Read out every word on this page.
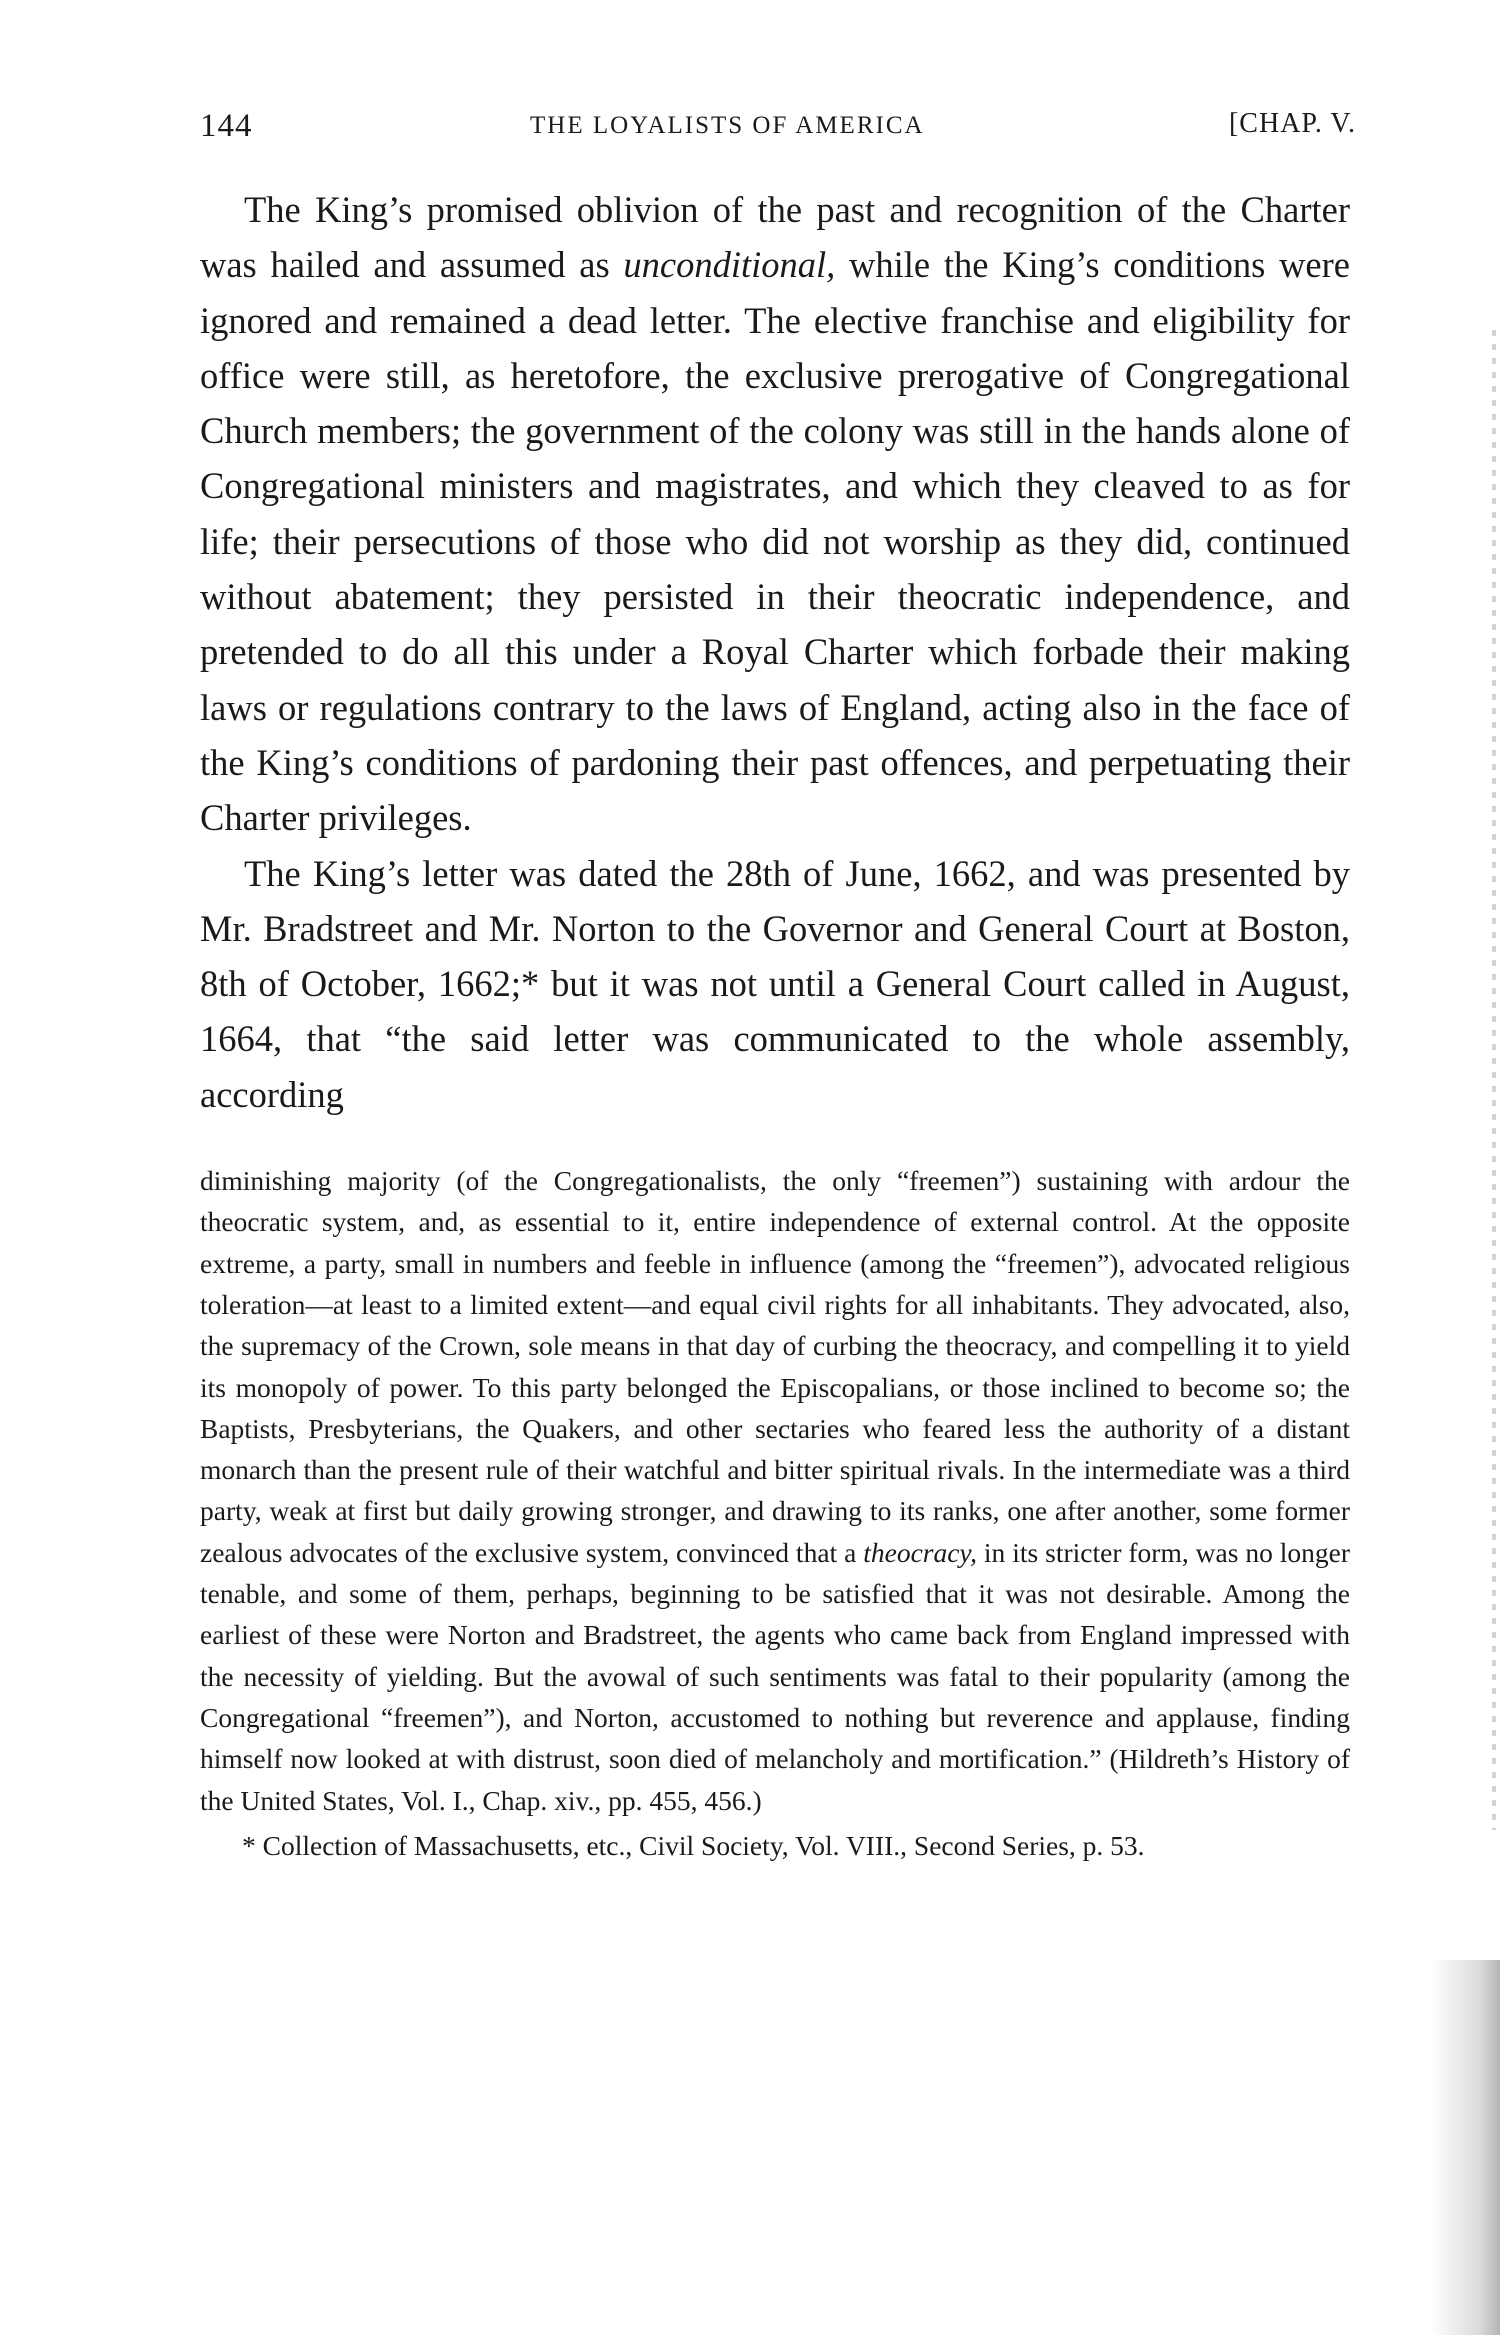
144	THE LOYALISTS OF AMERICA	[CHAP. V.

The King’s promised oblivion of the past and recognition of the Charter was hailed and assumed as unconditional, while the King’s conditions were ignored and remained a dead letter. The elective franchise and eligibility for office were still, as heretofore, the exclusive prerogative of Congregational Church members; the government of the colony was still in the hands alone of Congregational ministers and magistrates, and which they cleaved to as for life; their persecutions of those who did not worship as they did, continued without abatement; they persisted in their theocratic independence, and pretended to do all this under a Royal Charter which forbade their making laws or regulations contrary to the laws of England, acting also in the face of the King’s conditions of pardoning their past offences, and perpetuating their Charter privileges.

The King’s letter was dated the 28th of June, 1662, and was presented by Mr. Bradstreet and Mr. Norton to the Governor and General Court at Boston, 8th of October, 1662;* but it was not until a General Court called in August, 1664, that “the said letter was communicated to the whole assembly, according

diminishing majority (of the Congregationalists, the only “freemen”) sustaining with ardour the theocratic system, and, as essential to it, entire independence of external control. At the opposite extreme, a party, small in numbers and feeble in influence (among the “freemen”), advocated religious toleration—at least to a limited extent—and equal civil rights for all inhabitants. They advocated, also, the supremacy of the Crown, sole means in that day of curbing the theocracy, and compelling it to yield its monopoly of power. To this party belonged the Episcopalians, or those inclined to become so; the Baptists, Presbyterians, the Quakers, and other sectaries who feared less the authority of a distant monarch than the present rule of their watchful and bitter spiritual rivals. In the intermediate was a third party, weak at first but daily growing stronger, and drawing to its ranks, one after another, some former zealous advocates of the exclusive system, convinced that a theocracy, in its stricter form, was no longer tenable, and some of them, perhaps, beginning to be satisfied that it was not desirable. Among the earliest of these were Norton and Bradstreet, the agents who came back from England impressed with the necessity of yielding. But the avowal of such sentiments was fatal to their popularity (among the Congregational “freemen”), and Norton, accustomed to nothing but reverence and applause, finding himself now looked at with distrust, soon died of melancholy and mortification.” (Hildreth’s History of the United States, Vol. I., Chap. xiv., pp. 455, 456.)

* Collection of Massachusetts, etc., Civil Society, Vol. VIII., Second Series, p. 53.
